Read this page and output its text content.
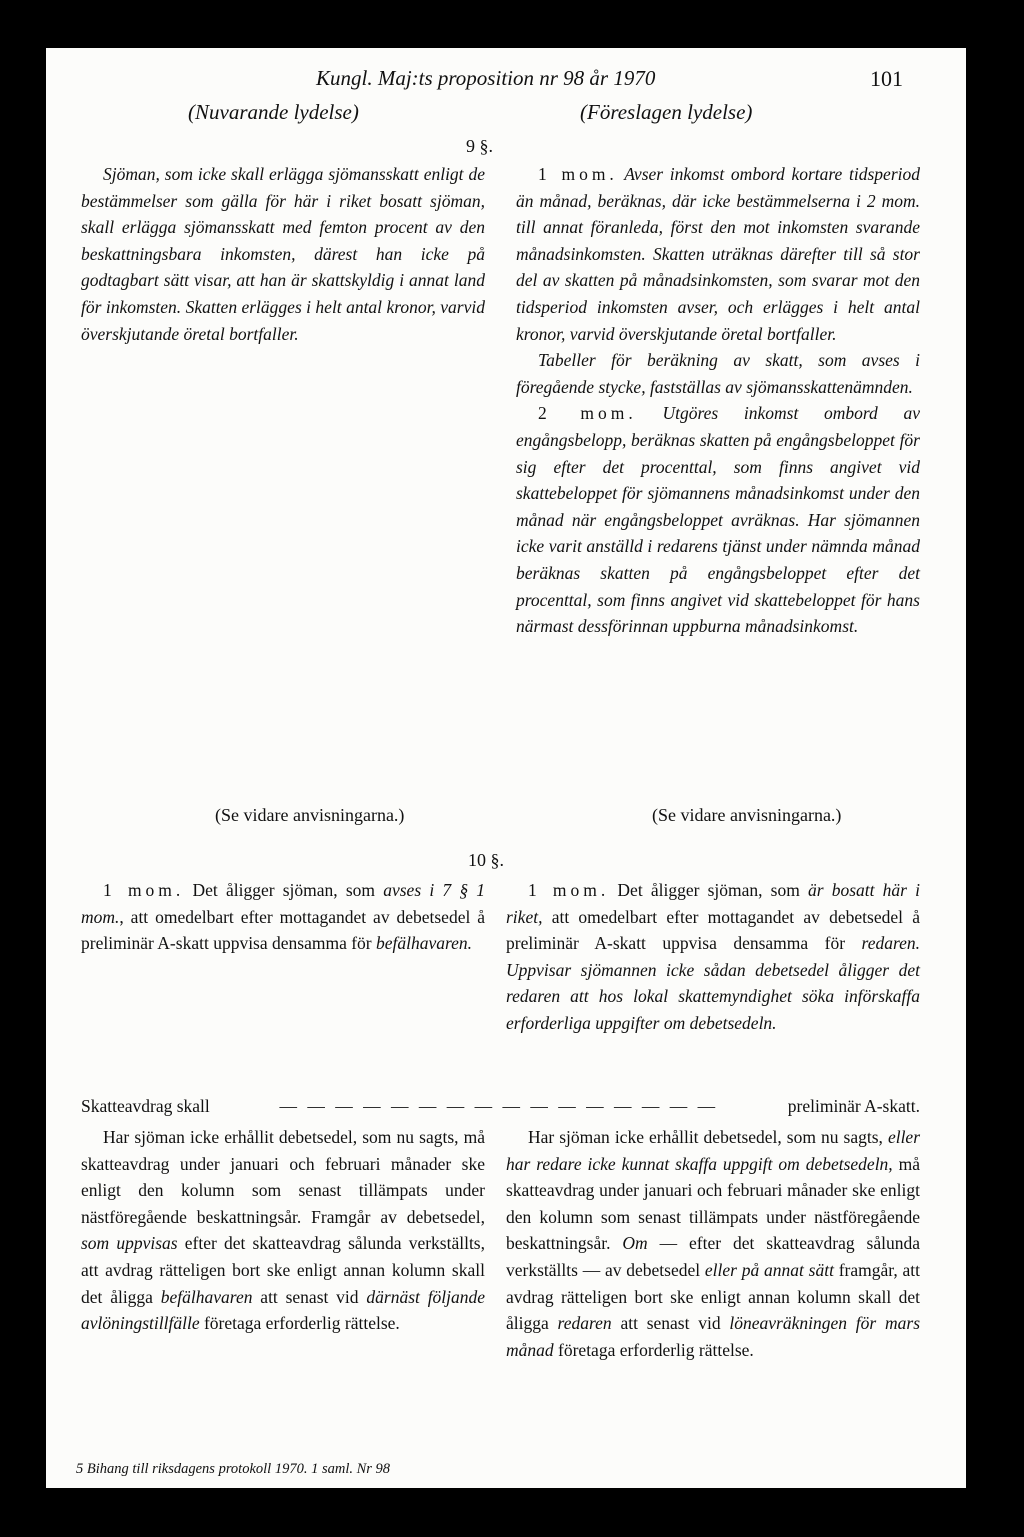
Kungl. Maj:ts proposition nr 98 år 1970	101
(Nuvarande lydelse)	(Föreslagen lydelse)
9 §.

Sjöman, som icke skall erlägga sjömansskatt enligt de bestämmelser som gälla för här i riket bosatt sjöman, skall erlägga sjömansskatt med femton procent av den beskattningsbara inkomsten, därest han icke på godtagbart sätt visar, att han är skattskyldig i annat land för inkomsten. Skatten erlägges i helt antal kronor, varvid överskjutande öretal bortfaller.

1 mom. Avser inkomst ombord kortare tidsperiod än månad, beräknas, där icke bestämmelserna i 2 mom. till annat föranleda, först den mot inkomsten svarande månadsinkomsten. Skatten uträknas därefter till så stor del av skatten på månadsinkomsten, som svarar mot den tidsperiod inkomsten avser, och erlägges i helt antal kronor, varvid överskjutande öretal bortfaller.

Tabeller för beräkning av skatt, som avses i föregående stycke, fastställas av sjömansskattenämnden.

2 mom. Utgöres inkomst ombord av engångsbelopp, beräknas skatten på engångsbeloppet för sig efter det procenttal, som finns angivet vid skattebeloppet för sjömannens månadsinkomst under den månad när engångsbeloppet avräknas. Har sjömannen icke varit anställd i redarens tjänst under nämnda månad beräknas skatten på engångsbeloppet efter det procenttal, som finns angivet vid skattebeloppet för hans närmast dessförinnan uppburna månadsinkomst.

(Se vidare anvisningarna.)	(Se vidare anvisningarna.)
10 §.

1 mom. Det åligger sjöman, som avses i 7 § 1 mom., att omedelbart efter mottagandet av debetsedel å preliminär A-skatt uppvisa densamma för befälhavaren.

1 mom. Det åligger sjöman, som är bosatt här i riket, att omedelbart efter mottagandet av debetsedel å preliminär A-skatt uppvisa densamma för redaren. Uppvisar sjömannen icke sådan debetsedel åligger det redaren att hos lokal skattemyndighet söka införskaffa erforderliga uppgifter om debetsedeln.

Skatteavdrag skall	— — — — — — — — — — — — — — — —	preliminär A-skatt.

Har sjöman icke erhållit debetsedel, som nu sagts, må skatteavdrag under januari och februari månader ske enligt den kolumn som senast tillämpats under nästföregående beskattningsår. Framgår av debetsedel, som uppvisas efter det skatteavdrag sålunda verkställts, att avdrag rätteligen bort ske enligt annan kolumn skall det åligga befälhavaren att senast vid därnäst följande avlöningstillfälle företaga erforderlig rättelse.

Har sjöman icke erhållit debetsedel, som nu sagts, eller har redare icke kunnat skaffa uppgift om debetsedeln, må skatteavdrag under januari och februari månader ske enligt den kolumn som senast tillämpats under nästföregående beskattningsår. Om — efter det skatteavdrag sålunda verkställts — av debetsedel eller på annat sätt framgår, att avdrag rätteligen bort ske enligt annan kolumn skall det åligga redaren att senast vid löneavräkningen för mars månad företaga erforderlig rättelse.

5 Bihang till riksdagens protokoll 1970. 1 saml. Nr 98
